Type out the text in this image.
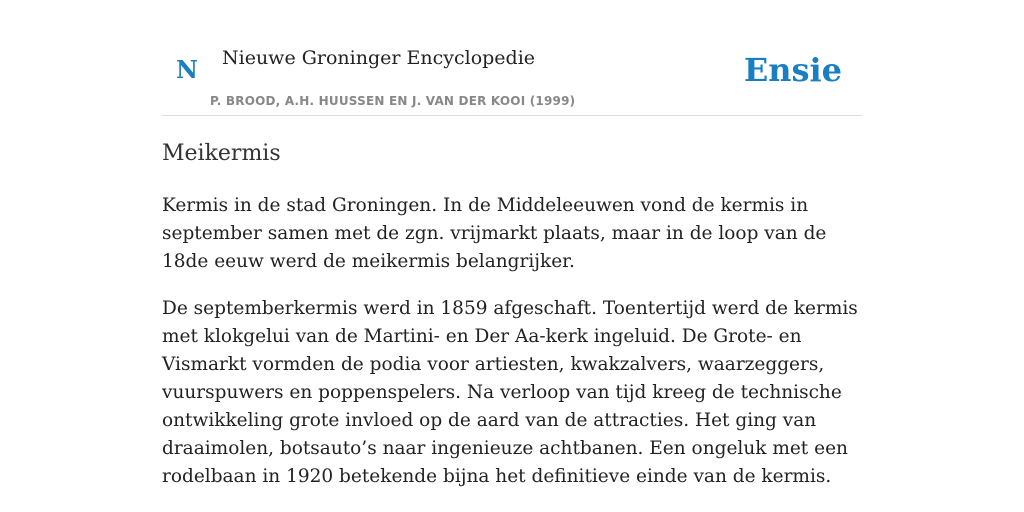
N Nieuwe Groninger Encyclopedie
P. BROOD, A.H. HUUSSEN EN J. VAN DER KOOI (1999)
Ensie
Meikermis

Kermis in de stad Groningen. In de Middeleeuwen vond de kermis in september samen met de zgn. vrijmarkt plaats, maar in de loop van de 18de eeuw werd de meikermis belangrijker.

De septemberkermis werd in 1859 afgeschaft. Toentertijd werd de kermis met klokgelui van de Martini- en Der Aa-kerk ingeluid. De Grote- en Vismarkt vormden de podia voor artiesten, kwakzalvers, waarzeggers, vuurspuwers en poppenspelers. Na verloop van tijd kreeg de technische ontwikkeling grote invloed op de aard van de attracties. Het ging van draaimolen, botsauto’s naar ingenieuze achtbanen. Een ongeluk met een rodelbaan in 1920 betekende bijna het definitieve einde van de kermis.
